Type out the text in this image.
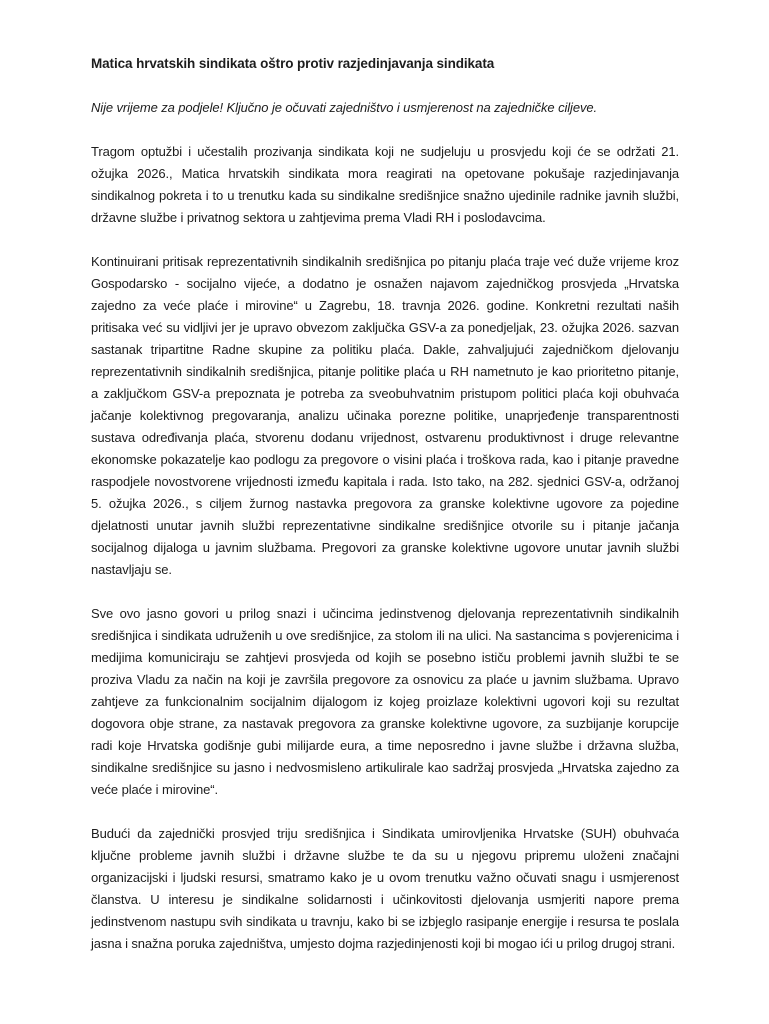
Matica hrvatskih sindikata oštro protiv razjedinjavanja sindikata

Nije vrijeme za podjele! Ključno je očuvati zajedništvo i usmjerenost na zajedničke ciljeve.

Tragom optužbi i učestalih prozivanja sindikata koji ne sudjeluju u prosvjedu koji će se održati 21. ožujka 2026., Matica hrvatskih sindikata mora reagirati na opetovane pokušaje razjedinjavanja sindikalnog pokreta i to u trenutku kada su sindikalne središnjice snažno ujedinile radnike javnih službi, državne službe i privatnog sektora u zahtjevima prema Vladi RH i poslodavcima.

Kontinuirani pritisak reprezentativnih sindikalnih središnjica po pitanju plaća traje već duže vrijeme kroz Gospodarsko - socijalno vijeće, a dodatno je osnažen najavom zajedničkog prosvjeda „Hrvatska zajedno za veće plaće i mirovine“ u Zagrebu, 18. travnja 2026. godine. Konkretni rezultati naših pritisaka već su vidljivi jer je upravo obvezom zaključka GSV-a za ponedjeljak, 23. ožujka 2026. sazvan sastanak tripartitne Radne skupine za politiku plaća. Dakle, zahvaljujući zajedničkom djelovanju reprezentativnih sindikalnih središnjica, pitanje politike plaća u RH nametnuto je kao prioritetno pitanje, a zaključkom GSV-a prepoznata je potreba za sveobuhvatnim pristupom politici plaća koji obuhvaća jačanje kolektivnog pregovaranja, analizu učinaka porezne politike, unaprjeđenje transparentnosti sustava određivanja plaća, stvorenu dodanu vrijednost, ostvarenu produktivnost i druge relevantne ekonomske pokazatelje kao podlogu za pregovore o visini plaća i troškova rada, kao i pitanje pravedne raspodjele novostvorene vrijednosti između kapitala i rada. Isto tako, na 282. sjednici GSV-a, održanoj 5. ožujka 2026., s ciljem žurnog nastavka pregovora za granske kolektivne ugovore za pojedine djelatnosti unutar javnih službi reprezentativne sindikalne središnjice otvorile su i pitanje jačanja socijalnog dijaloga u javnim službama. Pregovori za granske kolektivne ugovore unutar javnih službi nastavljaju se.

Sve ovo jasno govori u prilog snazi i učincima jedinstvenog djelovanja reprezentativnih sindikalnih središnjica i sindikata udruženih u ove središnjice, za stolom ili na ulici. Na sastancima s povjerenicima i medijima komuniciraju se zahtjevi prosvjeda od kojih se posebno ističu problemi javnih službi te se proziva Vladu za način na koji je završila pregovore za osnovicu za plaće u javnim službama. Upravo zahtjeve za funkcionalnim socijalnim dijalogom iz kojeg proizlaze kolektivni ugovori koji su rezultat dogovora obje strane, za nastavak pregovora za granske kolektivne ugovore, za suzbijanje korupcije radi koje Hrvatska godišnje gubi milijarde eura, a time neposredno i javne službe i državna služba, sindikalne središnjice su jasno i nedvosmisleno artikulirale kao sadržaj prosvjeda „Hrvatska zajedno za veće plaće i mirovine“.

Budući da zajednički prosvjed triju središnjica i Sindikata umirovljenika Hrvatske (SUH) obuhvaća ključne probleme javnih službi i državne službe te da su u njegovu pripremu uloženi značajni organizacijski i ljudski resursi, smatramo kako je u ovom trenutku važno očuvati snagu i usmjerenost članstva. U interesu je sindikalne solidarnosti i učinkovitosti djelovanja usmjeriti napore prema jedinstvenom nastupu svih sindikata u travnju, kako bi se izbjeglo rasipanje energije i resursa te poslala jasna i snažna poruka zajedništva, umjesto dojma razjedinjenosti koji bi mogao ići u prilog drugoj strani.
